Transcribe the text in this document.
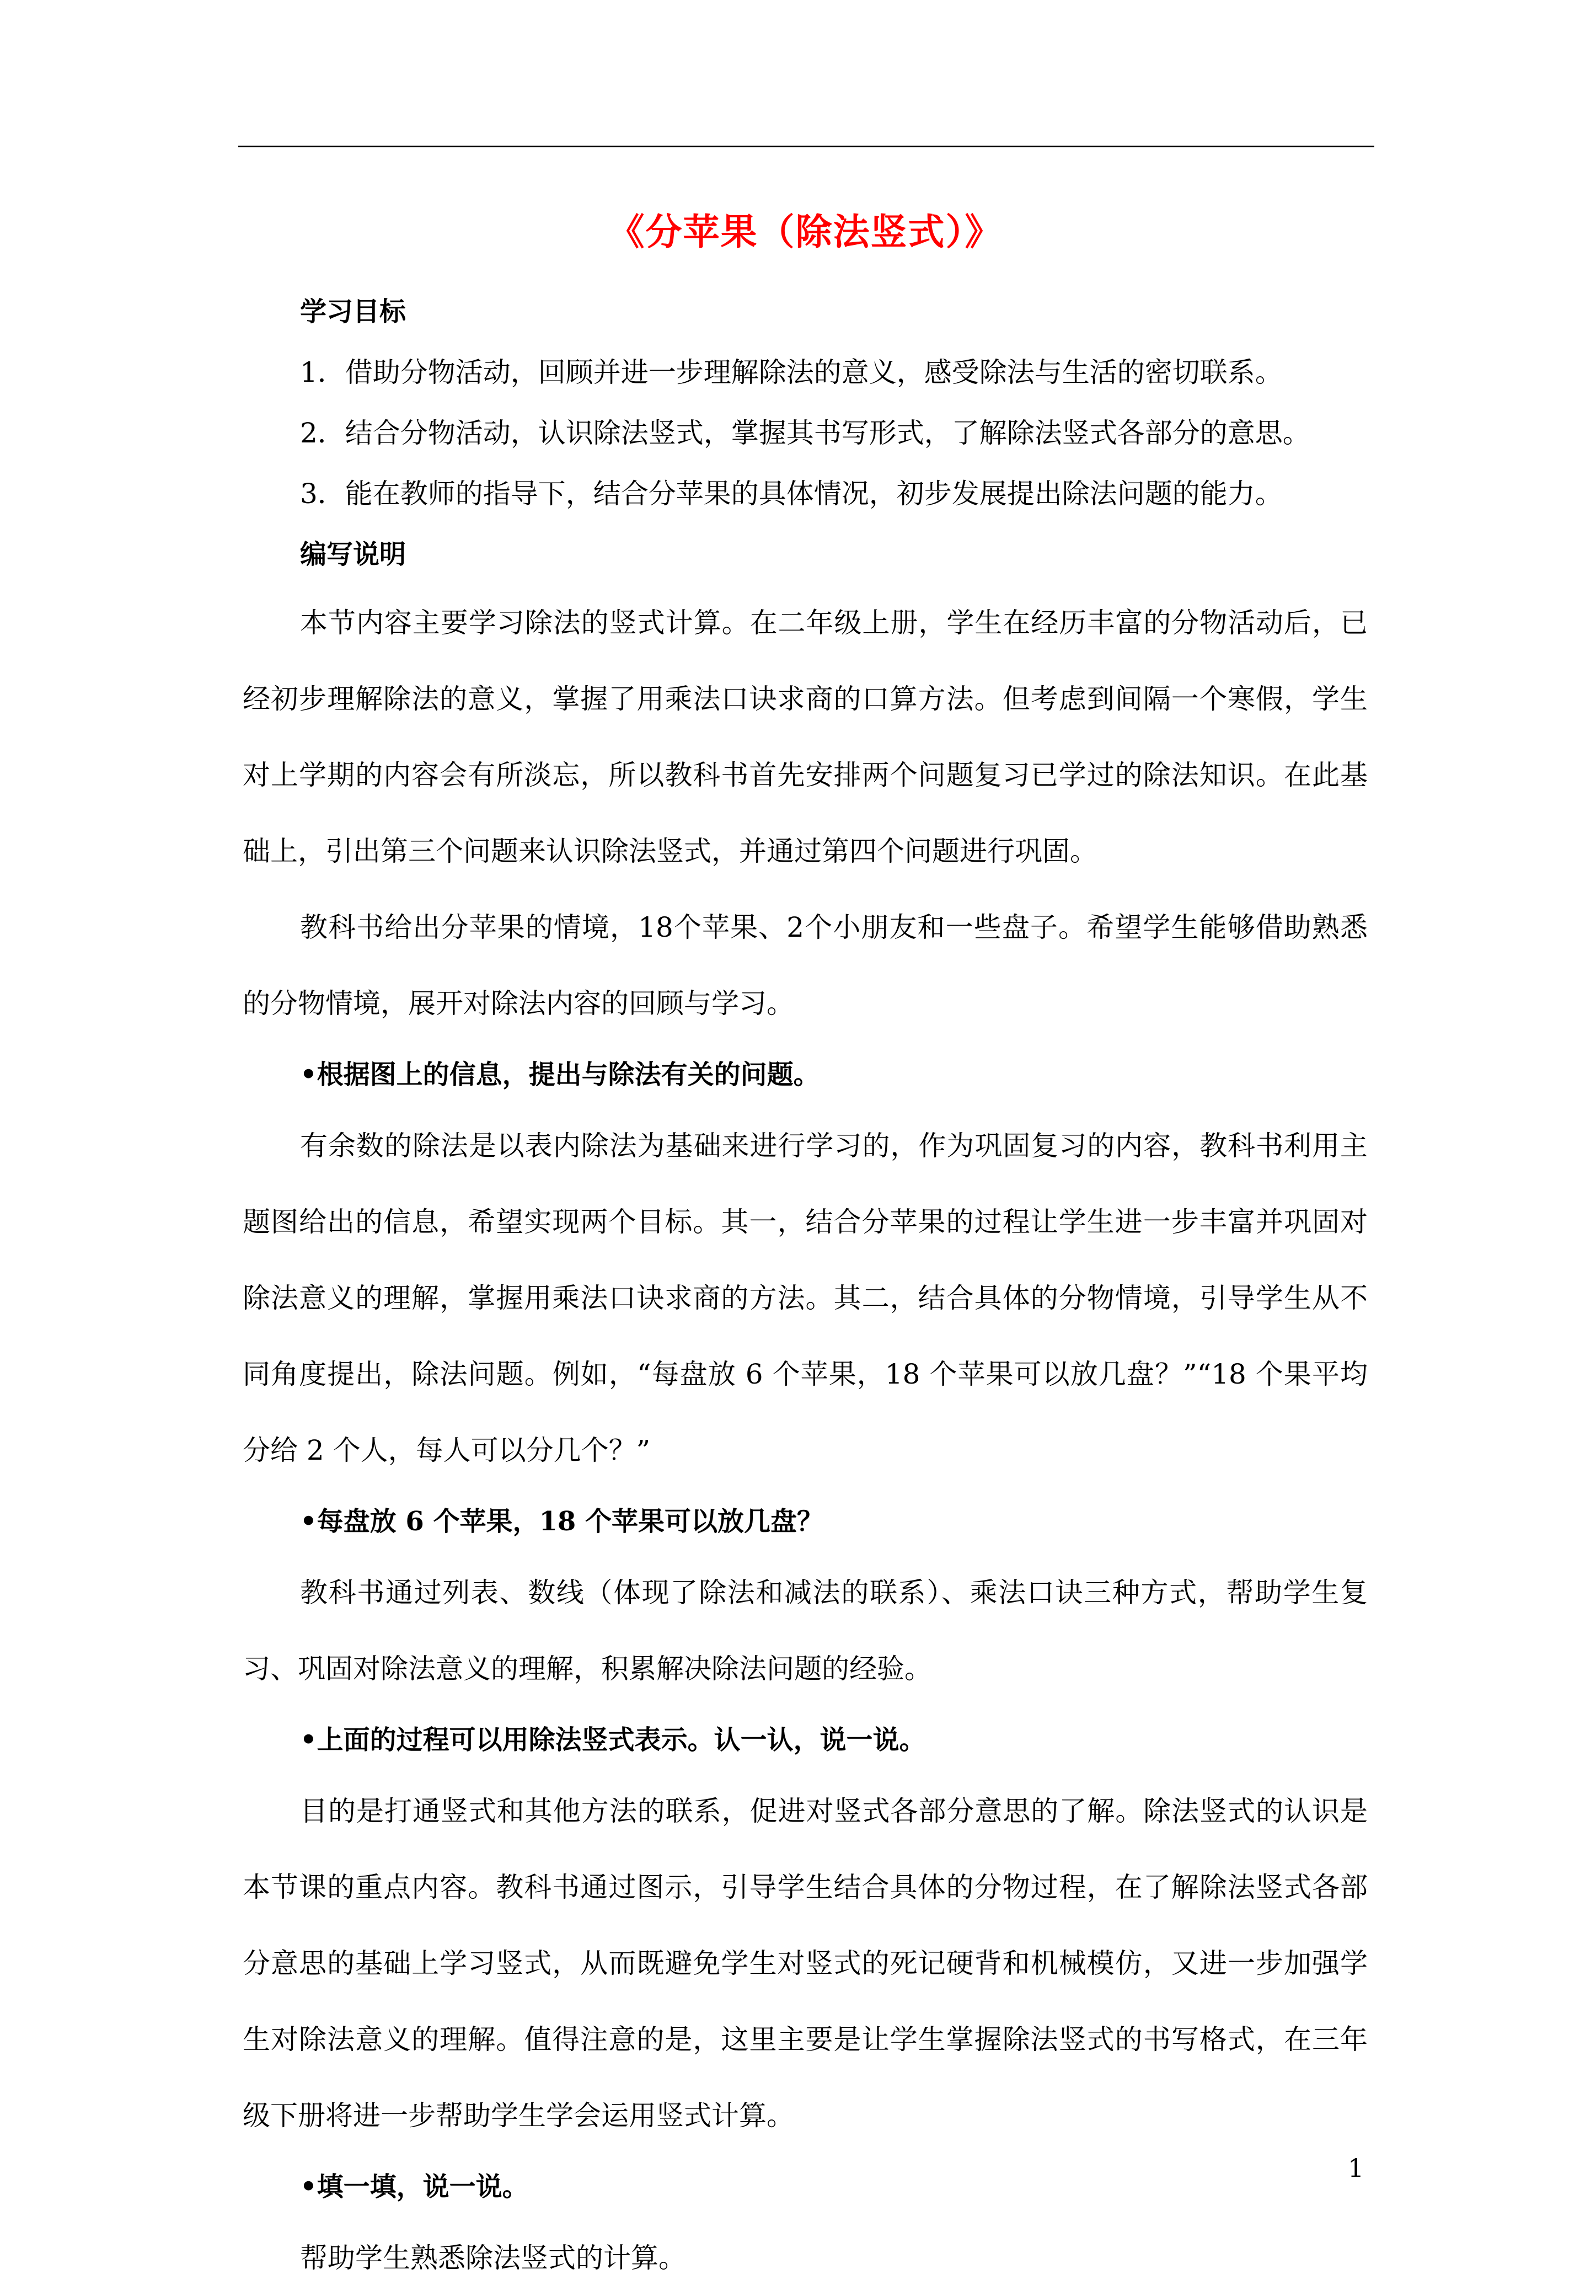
《分苹果（除法竖式）》

学习目标

1．借助分物活动，回顾并进一步理解除法的意义，感受除法与生活的密切联系。

2．结合分物活动，认识除法竖式，掌握其书写形式，了解除法竖式各部分的意思。

3．能在教师的指导下，结合分苹果的具体情况，初步发展提出除法问题的能力。

编写说明

本节内容主要学习除法的竖式计算。在二年级上册，学生在经历丰富的分物活动后，已经初步理解除法的意义，掌握了用乘法口诀求商的口算方法。但考虑到间隔一个寒假，学生对上学期的内容会有所淡忘，所以教科书首先安排两个问题复习已学过的除法知识。在此基础上，引出第三个问题来认识除法竖式，并通过第四个问题进行巩固。

教科书给出分苹果的情境，18个苹果、2个小朋友和一些盘子。希望学生能够借助熟悉的分物情境，展开对除法内容的回顾与学习。

•根据图上的信息，提出与除法有关的问题。

有余数的除法是以表内除法为基础来进行学习的，作为巩固复习的内容，教科书利用主题图给出的信息，希望实现两个目标。其一，结合分苹果的过程让学生进一步丰富并巩固对除法意义的理解，掌握用乘法口诀求商的方法。其二，结合具体的分物情境，引导学生从不同角度提出，除法问题。例如，“每盘放 6 个苹果，18 个苹果可以放几盘？”“18 个果平均分给 2 个人，每人可以分几个？”

•每盘放 6 个苹果，18 个苹果可以放几盘？

教科书通过列表、数线（体现了除法和减法的联系）、乘法口诀三种方式，帮助学生复习、巩固对除法意义的理解，积累解决除法问题的经验。

•上面的过程可以用除法竖式表示。认一认，说一说。

目的是打通竖式和其他方法的联系，促进对竖式各部分意思的了解。除法竖式的认识是本节课的重点内容。教科书通过图示，引导学生结合具体的分物过程，在了解除法竖式各部分意思的基础上学习竖式，从而既避免学生对竖式的死记硬背和机械模仿，又进一步加强学生对除法意义的理解。值得注意的是，这里主要是让学生掌握除法竖式的书写格式，在三年级下册将进一步帮助学生学会运用竖式计算。

•填一填，说一说。

帮助学生熟悉除法竖式的计算。

1
